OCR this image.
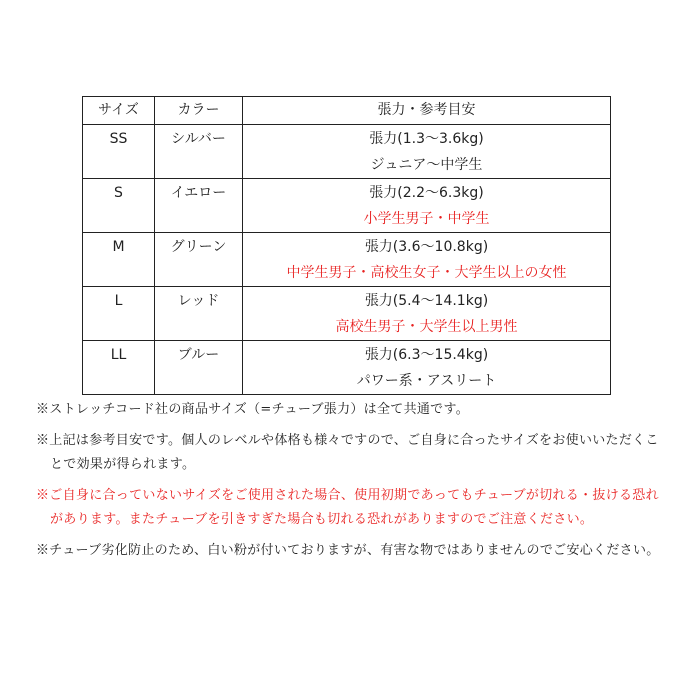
サイズ	カラー	張力・参考目安
SS	シルバー	張力(1.3～3.6kg)
ジュニア～中学生

S	イエロー	張力(2.2～6.3kg)
小学生男子・中学生

M	グリーン	張力(3.6～10.8kg)
中学生男子・高校生女子・大学生以上の女性

L	レッド	張力(5.4～14.1kg)
高校生男子・大学生以上男性

LL	ブルー	張力(6.3～15.4kg)
パワー系・アスリート
※ストレッチコード社の商品サイズ（=チューブ張力）は全て共通です。
※上記は参考目安です。個人のレベルや体格も様々ですので、ご自身に合ったサイズをお使いいただくことで効果が得られます。
※ご自身に合っていないサイズをご使用された場合、使用初期であってもチューブが切れる・抜ける恐れがあります。またチューブを引きすぎた場合も切れる恐れがありますのでご注意ください。
※チューブ劣化防止のため、白い粉が付いておりますが、有害な物ではありませんのでご安心ください。
